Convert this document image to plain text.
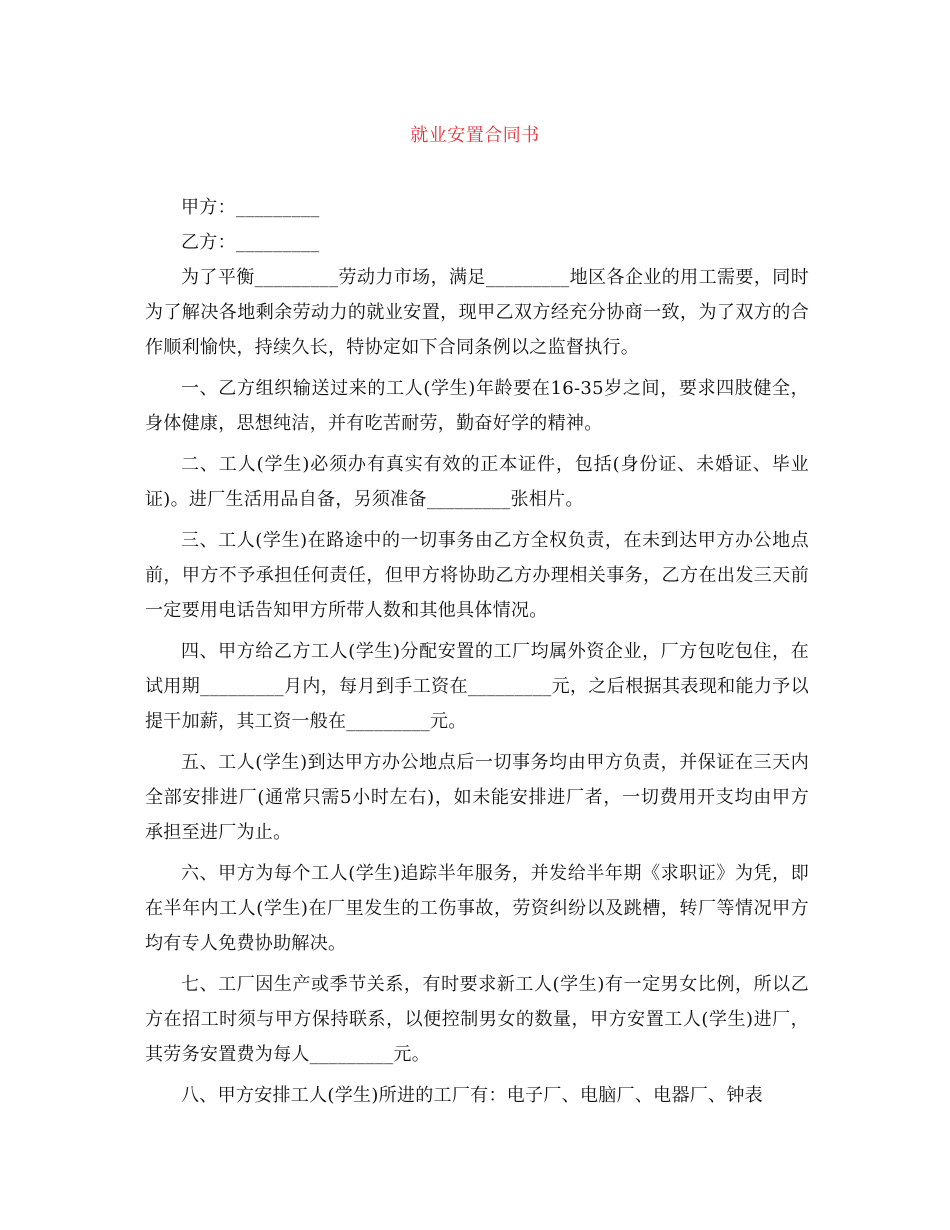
就业安置合同书

甲方：_________

乙方：_________

为了平衡_________劳动力市场，满足_________地区各企业的用工需要，同时为了解决各地剩余劳动力的就业安置，现甲乙双方经充分协商一致，为了双方的合作顺利愉快，持续久长，特协定如下合同条例以之监督执行。

一、乙方组织输送过来的工人(学生)年龄要在16-35岁之间，要求四肢健全，身体健康，思想纯洁，并有吃苦耐劳，勤奋好学的精神。

二、工人(学生)必须办有真实有效的正本证件，包括(身份证、未婚证、毕业证)。进厂生活用品自备，另须准备_________张相片。

三、工人(学生)在路途中的一切事务由乙方全权负责，在未到达甲方办公地点前，甲方不予承担任何责任，但甲方将协助乙方办理相关事务，乙方在出发三天前一定要用电话告知甲方所带人数和其他具体情况。

四、甲方给乙方工人(学生)分配安置的工厂均属外资企业，厂方包吃包住，在试用期_________月内，每月到手工资在_________元，之后根据其表现和能力予以提干加薪，其工资一般在_________元。

五、工人(学生)到达甲方办公地点后一切事务均由甲方负责，并保证在三天内全部安排进厂(通常只需5小时左右)，如未能安排进厂者，一切费用开支均由甲方承担至进厂为止。

六、甲方为每个工人(学生)追踪半年服务，并发给半年期《求职证》为凭，即在半年内工人(学生)在厂里发生的工伤事故，劳资纠纷以及跳槽，转厂等情况甲方均有专人免费协助解决。

七、工厂因生产或季节关系，有时要求新工人(学生)有一定男女比例，所以乙方在招工时须与甲方保持联系，以便控制男女的数量，甲方安置工人(学生)进厂，其劳务安置费为每人_________元。

八、甲方安排工人(学生)所进的工厂有：电子厂、电脑厂、电器厂、钟表
